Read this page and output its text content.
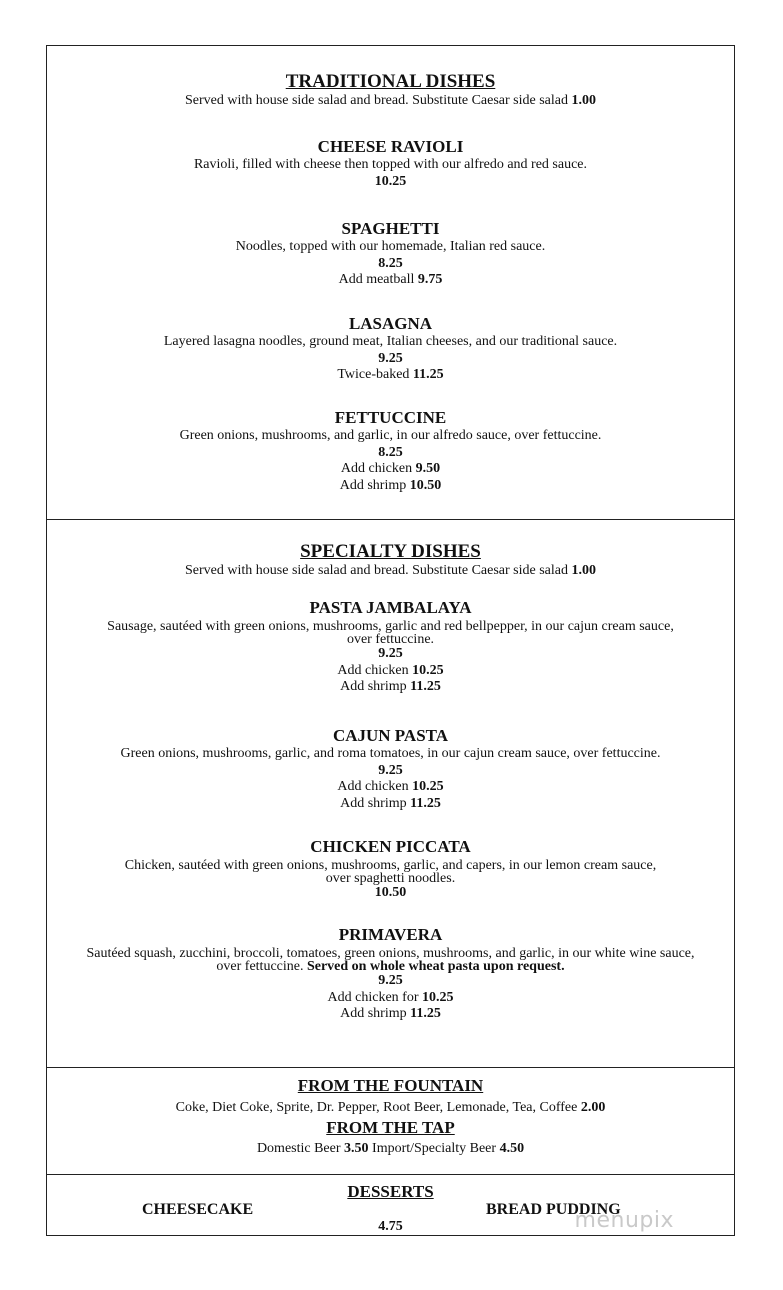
TRADITIONAL DISHES
Served with house side salad and bread. Substitute Caesar side salad 1.00
CHEESE RAVIOLI
Ravioli, filled with cheese then topped with our alfredo and red sauce.
10.25
SPAGHETTI
Noodles, topped with our homemade, Italian red sauce.
8.25
Add meatball 9.75
LASAGNA
Layered lasagna noodles, ground meat, Italian cheeses, and our traditional sauce.
9.25
Twice-baked 11.25
FETTUCCINE
Green onions, mushrooms, and garlic, in our alfredo sauce, over fettuccine.
8.25
Add chicken 9.50
Add shrimp 10.50
SPECIALTY DISHES
Served with house side salad and bread. Substitute Caesar side salad 1.00
PASTA JAMBALAYA
Sausage, sautéed with green onions, mushrooms, garlic and red bellpepper, in our cajun cream sauce,
over fettuccine.
9.25
Add chicken 10.25
Add shrimp 11.25
CAJUN PASTA
Green onions, mushrooms, garlic, and roma tomatoes, in our cajun cream sauce, over fettuccine.
9.25
Add chicken 10.25
Add shrimp 11.25
CHICKEN PICCATA
Chicken, sautéed with green onions, mushrooms, garlic, and capers, in our lemon cream sauce,
over spaghetti noodles.
10.50
PRIMAVERA
Sautéed squash, zucchini, broccoli, tomatoes, green onions, mushrooms, and garlic, in our white wine sauce,
over fettuccine. Served on whole wheat pasta upon request.
9.25
Add chicken for 10.25
Add shrimp 11.25
FROM THE FOUNTAIN
Coke, Diet Coke, Sprite, Dr. Pepper, Root Beer, Lemonade, Tea, Coffee 2.00
FROM THE TAP
Domestic Beer 3.50 Import/Specialty Beer 4.50
DESSERTS
CHEESECAKE	BREAD PUDDING
4.75	menupix
